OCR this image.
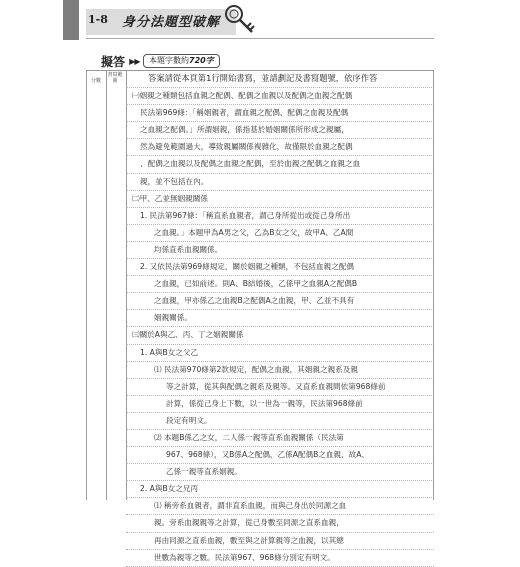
1-8 身分法題型破解
擬答 ▶▶	本題字數約720字
分數
書寫範圍	答案請從本頁第1行開始書寫，並請劃記及書寫題號，依序作答
㈠姻親之種類包括血親之配偶、配偶之血親以及配偶之血親之配偶
民法第969條：「稱姻親者，謂血親之配偶、配偶之血親及配偶
之血親之配偶。」所謂姻親，係指基於婚姻關係所形成之親屬，
然為避免範圍過大，導致親屬關係複雜化，故僅限於血親之配偶
、配偶之血親以及配偶之血親之配偶，至於血親之配偶之血親之血
親，並不包括在內。
㈡甲、乙並無姻親關係
1. 民法第967條：「稱直系血親者，謂己身所從出或從己身所出
之血親。」本題甲為A男之父，乙為B女之父，故甲A、乙A間
均係直系血親關係。
2. 又依民法第969條規定，關於姻親之種類，不包括血親之配偶
之血親，已如前述。則A、B結婚後，乙係甲之血親A之配偶B
之血親，甲亦係乙之血親B之配偶A之血親，甲、乙並不具有
姻親關係。
㈢關於A與乙、丙、丁之姻親關係
1. A與B女之父乙
⑴ 民法第970條第2款規定，配偶之血親，其姻親之親系及親
等之計算，從其與配偶之親系及親等。又直系血親間依第968條前
計算，係從己身上下數，以一世為一親等，民法第968條前
段定有明文。
⑵ 本題B係乙之女，二人係一親等直系血親關係（民法第
967、968條），又B係A之配偶，乙係A配偶B之血親，故A、
乙係一親等直系姻親。
2. A與B女之兄丙
⑴ 稱旁系血親者，謂非直系血親，而與己身出於同源之血
親。旁系血親親等之計算，從己身數至同源之直系血親，
再由同源之直系血親，數至與之計算親等之血親，以其總
世數為親等之數。民法第967、968條分別定有明文。
